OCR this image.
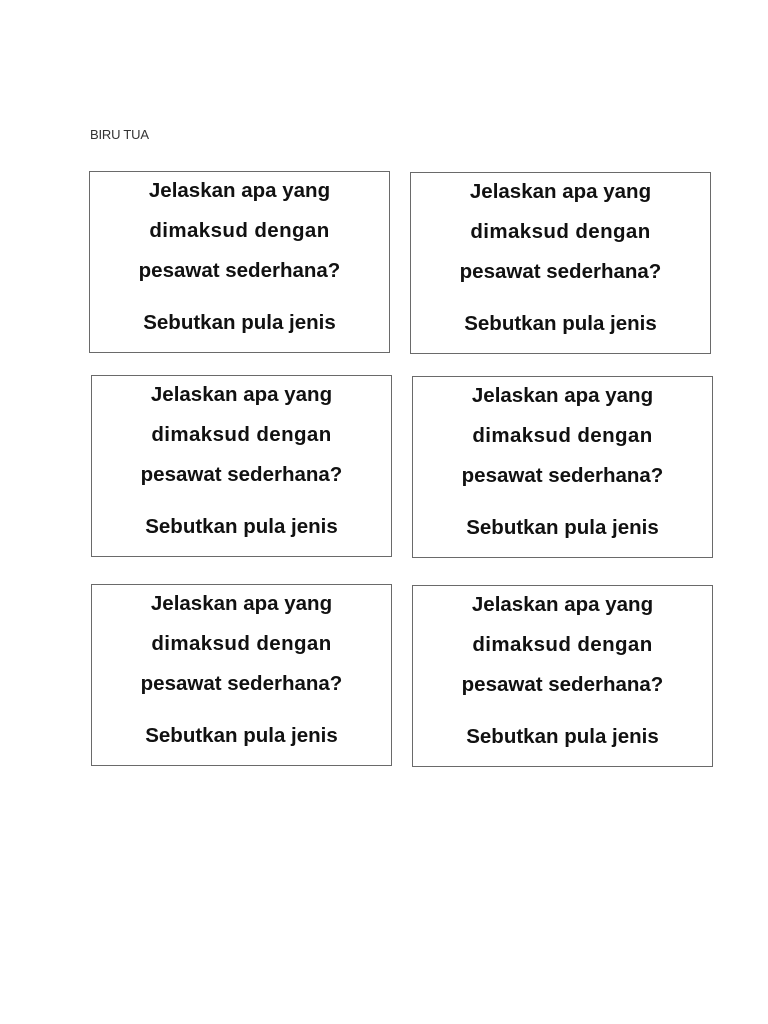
BIRU TUA
Jelaskan apa yang
dimaksud dengan
pesawat sederhana?
Sebutkan pula jenis
Jelaskan apa yang
dimaksud dengan
pesawat sederhana?
Sebutkan pula jenis
Jelaskan apa yang
dimaksud dengan
pesawat sederhana?
Sebutkan pula jenis
Jelaskan apa yang
dimaksud dengan
pesawat sederhana?
Sebutkan pula jenis
Jelaskan apa yang
dimaksud dengan
pesawat sederhana?
Sebutkan pula jenis
Jelaskan apa yang
dimaksud dengan
pesawat sederhana?
Sebutkan pula jenis
